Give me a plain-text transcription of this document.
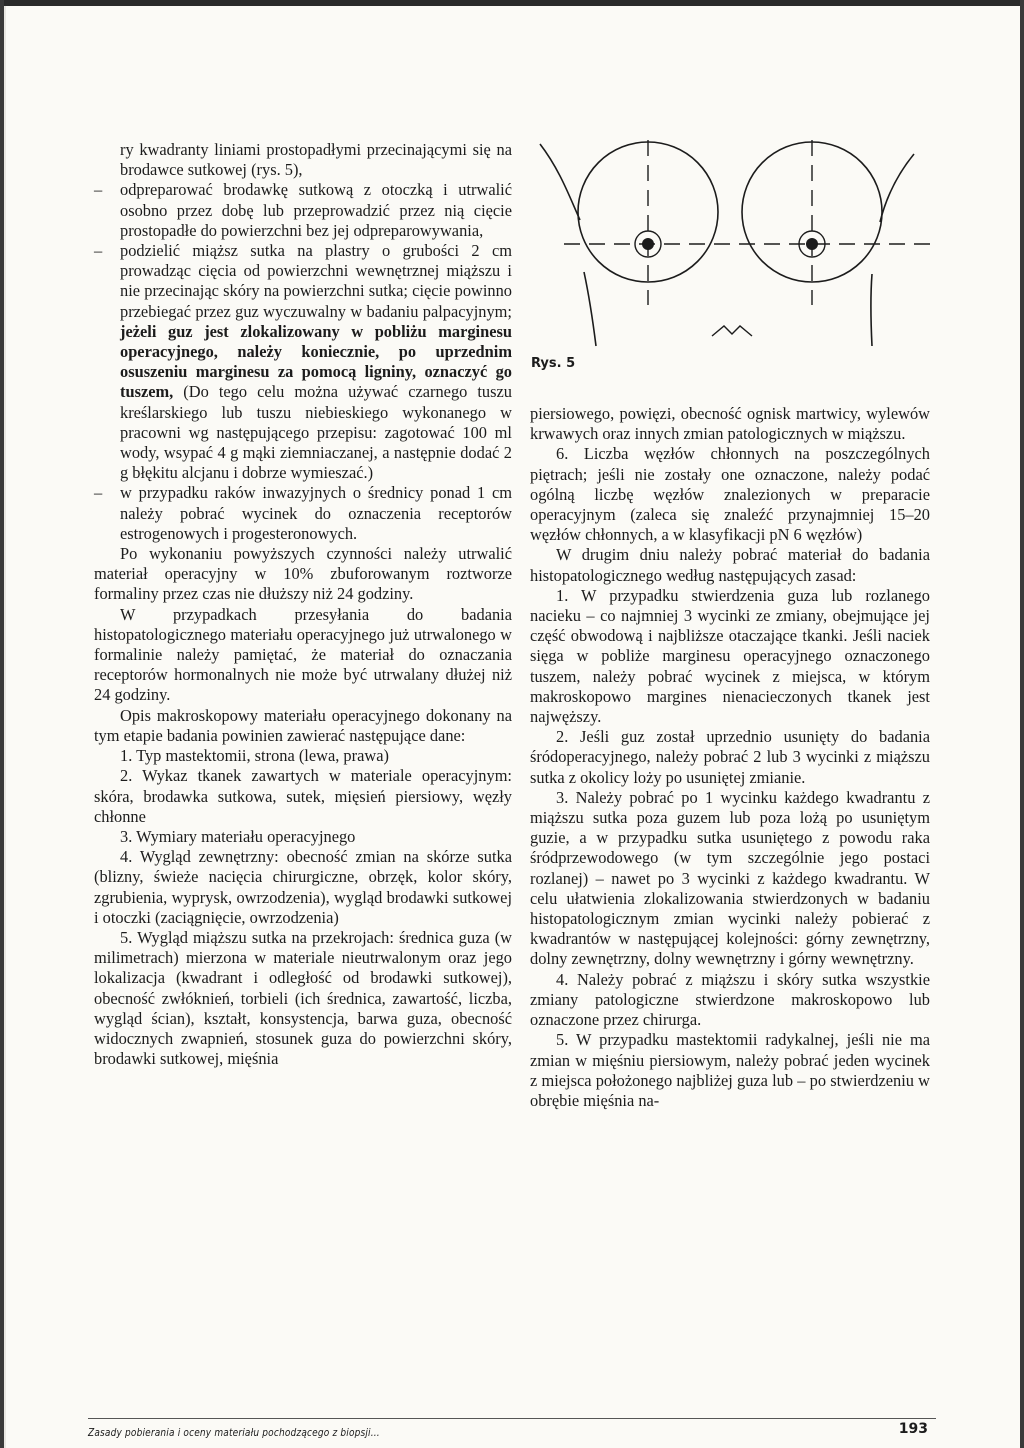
ry kwadranty liniami prostopadłymi przecinającymi się na brodawce sutkowej (rys. 5),

– odpreparować brodawkę sutkową z otoczką i utrwalić osobno przez dobę lub przeprowadzić przez nią cięcie prostopadłe do powierzchni bez jej odpreparowywania,

– podzielić miąższ sutka na plastry o grubości 2 cm prowadząc cięcia od powierzchni wewnętrznej miąższu i nie przecinając skóry na powierzchni sutka; cięcie powinno przebiegać przez guz wyczuwalny w badaniu palpacyjnym; jeżeli guz jest zlokalizowany w pobliżu marginesu operacyjnego, należy koniecznie, po uprzednim osuszeniu marginesu za pomocą ligniny, oznaczyć go tuszem, (Do tego celu można używać czarnego tuszu kreślarskiego lub tuszu niebieskiego wykonanego w pracowni wg następującego przepisu: zagotować 100 ml wody, wsypać 4 g mąki ziemniaczanej, a następnie dodać 2 g błękitu alcjanu i dobrze wymieszać.)

– w przypadku raków inwazyjnych o średnicy ponad 1 cm należy pobrać wycinek do oznaczenia receptorów estrogenowych i progesteronowych.

Po wykonaniu powyższych czynności należy utrwalić materiał operacyjny w 10% zbuforowanym roztworze formaliny przez czas nie dłuższy niż 24 godziny.

W przypadkach przesyłania do badania histopatologicznego materiału operacyjnego już utrwalonego w formalinie należy pamiętać, że materiał do oznaczania receptorów hormonalnych nie może być utrwalany dłużej niż 24 godziny.

Opis makroskopowy materiału operacyjnego dokonany na tym etapie badania powinien zawierać następujące dane:

1. Typ mastektomii, strona (lewa, prawa)

2. Wykaz tkanek zawartych w materiale operacyjnym: skóra, brodawka sutkowa, sutek, mięsień piersiowy, węzły chłonne

3. Wymiary materiału operacyjnego

4. Wygląd zewnętrzny: obecność zmian na skórze sutka (blizny, świeże nacięcia chirurgiczne, obrzęk, kolor skóry, zgrubienia, wyprysk, owrzodzenia), wygląd brodawki sutkowej i otoczki (zaciągnięcie, owrzodzenia)

5. Wygląd miąższu sutka na przekrojach: średnica guza (w milimetrach) mierzona w materiale nieutrwalonym oraz jego lokalizacja (kwadrant i odległość od brodawki sutkowej), obecność zwłóknień, torbieli (ich średnica, zawartość, liczba, wygląd ścian), kształt, konsystencja, barwa guza, obecność widocznych zwapnień, stosunek guza do powierzchni skóry, brodawki sutkowej, mięśnia

Rys. 5

piersiowego, powięzi, obecność ognisk martwicy, wylewów krwawych oraz innych zmian patologicznych w miąższu.

6. Liczba węzłów chłonnych na poszczególnych piętrach; jeśli nie zostały one oznaczone, należy podać ogólną liczbę węzłów znalezionych w preparacie operacyjnym (zaleca się znaleźć przynajmniej 15–20 węzłów chłonnych, a w klasyfikacji pN 6 węzłów)

W drugim dniu należy pobrać materiał do badania histopatologicznego według następujących zasad:

1. W przypadku stwierdzenia guza lub rozlanego nacieku – co najmniej 3 wycinki ze zmiany, obejmujące jej część obwodową i najbliższe otaczające tkanki. Jeśli naciek sięga w pobliże marginesu operacyjnego oznaczonego tuszem, należy pobrać wycinek z miejsca, w którym makroskopowo margines nienacieczonych tkanek jest najwęższy.

2. Jeśli guz został uprzednio usunięty do badania śródoperacyjnego, należy pobrać 2 lub 3 wycinki z miąższu sutka z okolicy loży po usuniętej zmianie.

3. Należy pobrać po 1 wycinku każdego kwadrantu z miąższu sutka poza guzem lub poza lożą po usuniętym guzie, a w przypadku sutka usuniętego z powodu raka śródprzewodowego (w tym szczególnie jego postaci rozlanej) – nawet po 3 wycinki z każdego kwadrantu. W celu ułatwienia zlokalizowania stwierdzonych w badaniu histopatologicznym zmian wycinki należy pobierać z kwadrantów w następującej kolejności: górny zewnętrzny, dolny zewnętrzny, dolny wewnętrzny i górny wewnętrzny.

4. Należy pobrać z miąższu i skóry sutka wszystkie zmiany patologiczne stwierdzone makroskopowo lub oznaczone przez chirurga.

5. W przypadku mastektomii radykalnej, jeśli nie ma zmian w mięśniu piersiowym, należy pobrać jeden wycinek z miejsca położonego najbliżej guza lub – po stwierdzeniu w obrębie mięśnia na-

Zasady pobierania i oceny materiału pochodzącego z biopsji...	193
